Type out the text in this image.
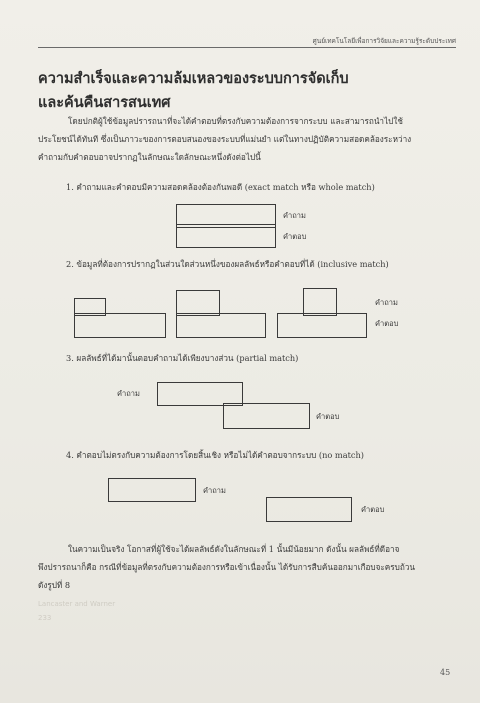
ศูนย์เทคโนโลยีเพื่อการวิจัยและความรู้ระดับประเทศ
ความสำเร็จและความล้มเหลวของระบบการจัดเก็บ
และค้นคืนสารสนเทศ

โดยปกติผู้ใช้ข้อมูลปรารถนาที่จะได้คำตอบที่ตรงกับความต้องการจากระบบ และสามารถนำไปใช้

ประโยชน์ได้ทันที ซึ่งเป็นภาวะของการตอบสนองของระบบที่แม่นยำ แต่ในทางปฏิบัติความสอดคล้องระหว่าง

คำถามกับคำตอบอาจปรากฏในลักษณะใดลักษณะหนึ่งดังต่อไปนี้

1. คำถามและคำตอบมีความสอดคล้องต้องกันพอดี (exact match หรือ whole match)
คำถาม
คำตอบ
2. ข้อมูลที่ต้องการปรากฏในส่วนใดส่วนหนึ่งของผลลัพธ์หรือคำตอบที่ได้ (inclusive match)
คำถาม
คำตอบ
3. ผลลัพธ์ที่ได้มานั้นตอบคำถามได้เพียงบางส่วน (partial match)
คำถาม
คำตอบ
4. คำตอบไม่ตรงกับความต้องการโดยสิ้นเชิง หรือไม่ได้คำตอบจากระบบ (no match)
คำถาม
คำตอบ

ในความเป็นจริง โอกาสที่ผู้ใช้จะได้ผลลัพธ์ดังในลักษณะที่ 1 นั้นมีน้อยมาก ดังนั้น ผลลัพธ์ที่ดีอาจ

พึงปรารถนาก็คือ กรณีที่ข้อมูลที่ตรงกับความต้องการหรือเข้าเนื่องนั้น ได้รับการสืบค้นออกมาเกือบจะครบถ้วน

ดังรูปที่ 8

Lancaster and Warner
233
45
